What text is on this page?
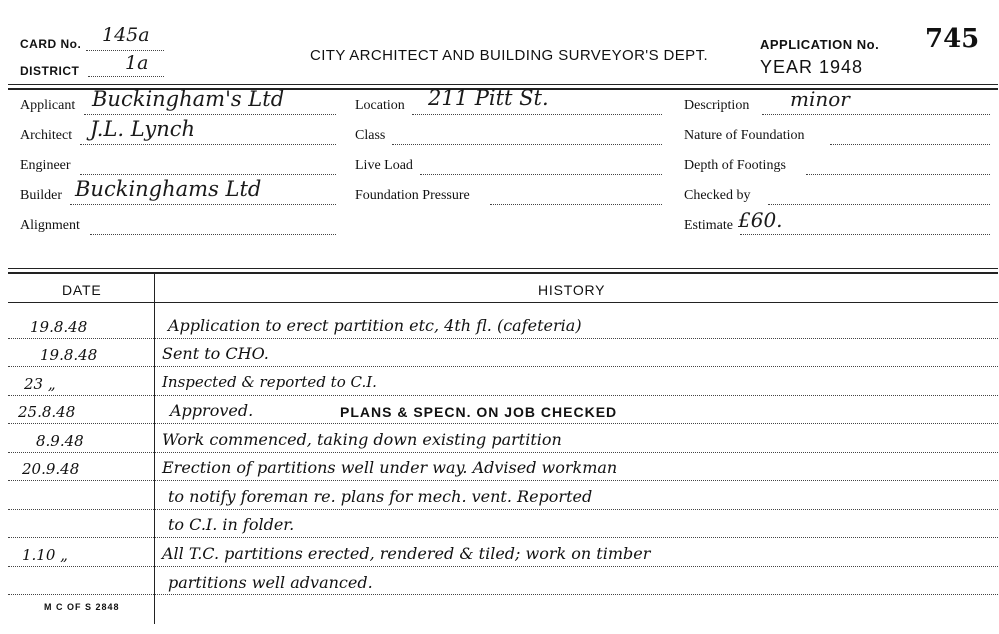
CARD No. 145a
DISTRICT 1a	CITY ARCHITECT AND BUILDING SURVEYOR'S DEPT.
APPLICATION No. 745
YEAR 1948
Applicant Buckingham's Ltd
Architect J.L. Lynch
Engineer
Builder Buckinghams Ltd
Alignment
Location 211 Pitt St.
Class
Live Load
Foundation Pressure
Description minor
Nature of Foundation
Depth of Footings
Checked by
Estimate £60.
DATE	HISTORY
19.8.48	Application to erect partition etc, 4th fl. (cafeteria)
19.8.48	Sent to CHO.
23 „	Inspected & reported to C.I.
25.8.48	Approved.	PLANS & SPECN. ON JOB CHECKED
8.9.48	Work commenced, taking down existing partition
20.9.48	Erection of partitions well under way. Advised workman
to notify foreman re. plans for mech. vent. Reported
to C.I. in folder.
1.10 „	All T.C. partitions erected, rendered & tiled; work on timber
partitions well advanced.
M C OF S 2848
